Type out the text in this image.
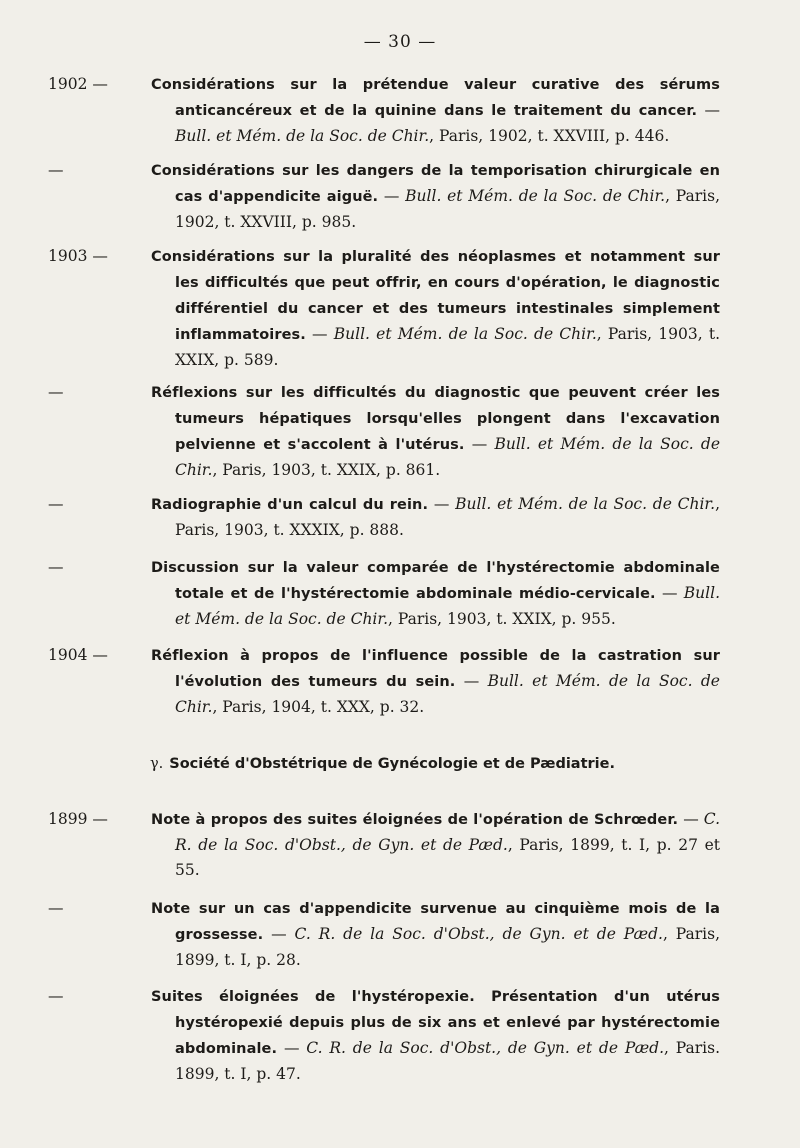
— 30 —
1902 —	Considérations sur la prétendue valeur curative des sérums anticancéreux et de la quinine dans le traitement du cancer. — Bull. et Mém. de la Soc. de Chir., Paris, 1902, t. XXVIII, p. 446.
—	Considérations sur les dangers de la temporisation chirurgicale en cas d'appendicite aiguë. — Bull. et Mém. de la Soc. de Chir., Paris, 1902, t. XXVIII, p. 985.
1903 —	Considérations sur la pluralité des néoplasmes et notamment sur les difficultés que peut offrir, en cours d'opération, le diagnostic différentiel du cancer et des tumeurs intestinales simplement inflammatoires. — Bull. et Mém. de la Soc. de Chir., Paris, 1903, t. XXIX, p. 589.
—	Réflexions sur les difficultés du diagnostic que peuvent créer les tumeurs hépatiques lorsqu'elles plongent dans l'excavation pelvienne et s'accolent à l'utérus. — Bull. et Mém. de la Soc. de Chir., Paris, 1903, t. XXIX, p. 861.
—	Radiographie d'un calcul du rein. — Bull. et Mém. de la Soc. de Chir., Paris, 1903, t. XXXIX, p. 888.
—	Discussion sur la valeur comparée de l'hystérectomie abdominale totale et de l'hystérectomie abdominale médio-cervicale. — Bull. et Mém. de la Soc. de Chir., Paris, 1903, t. XXIX, p. 955.
1904 —	Réflexion à propos de l'influence possible de la castration sur l'évolution des tumeurs du sein. — Bull. et Mém. de la Soc. de Chir., Paris, 1904, t. XXX, p. 32.
γ. Société d'Obstétrique de Gynécologie et de Pædiatrie.
1899 —	Note à propos des suites éloignées de l'opération de Schrœder. — C. R. de la Soc. d'Obst., de Gyn. et de Pæd., Paris, 1899, t. I, p. 27 et 55.
—	Note sur un cas d'appendicite survenue au cinquième mois de la grossesse. — C. R. de la Soc. d'Obst., de Gyn. et de Pæd., Paris, 1899, t. I, p. 28.
—	Suites éloignées de l'hystéropexie. Présentation d'un utérus hystéropexié depuis plus de six ans et enlevé par hystérectomie abdominale. — C. R. de la Soc. d'Obst., de Gyn. et de Pæd., Paris. 1899, t. I, p. 47.
